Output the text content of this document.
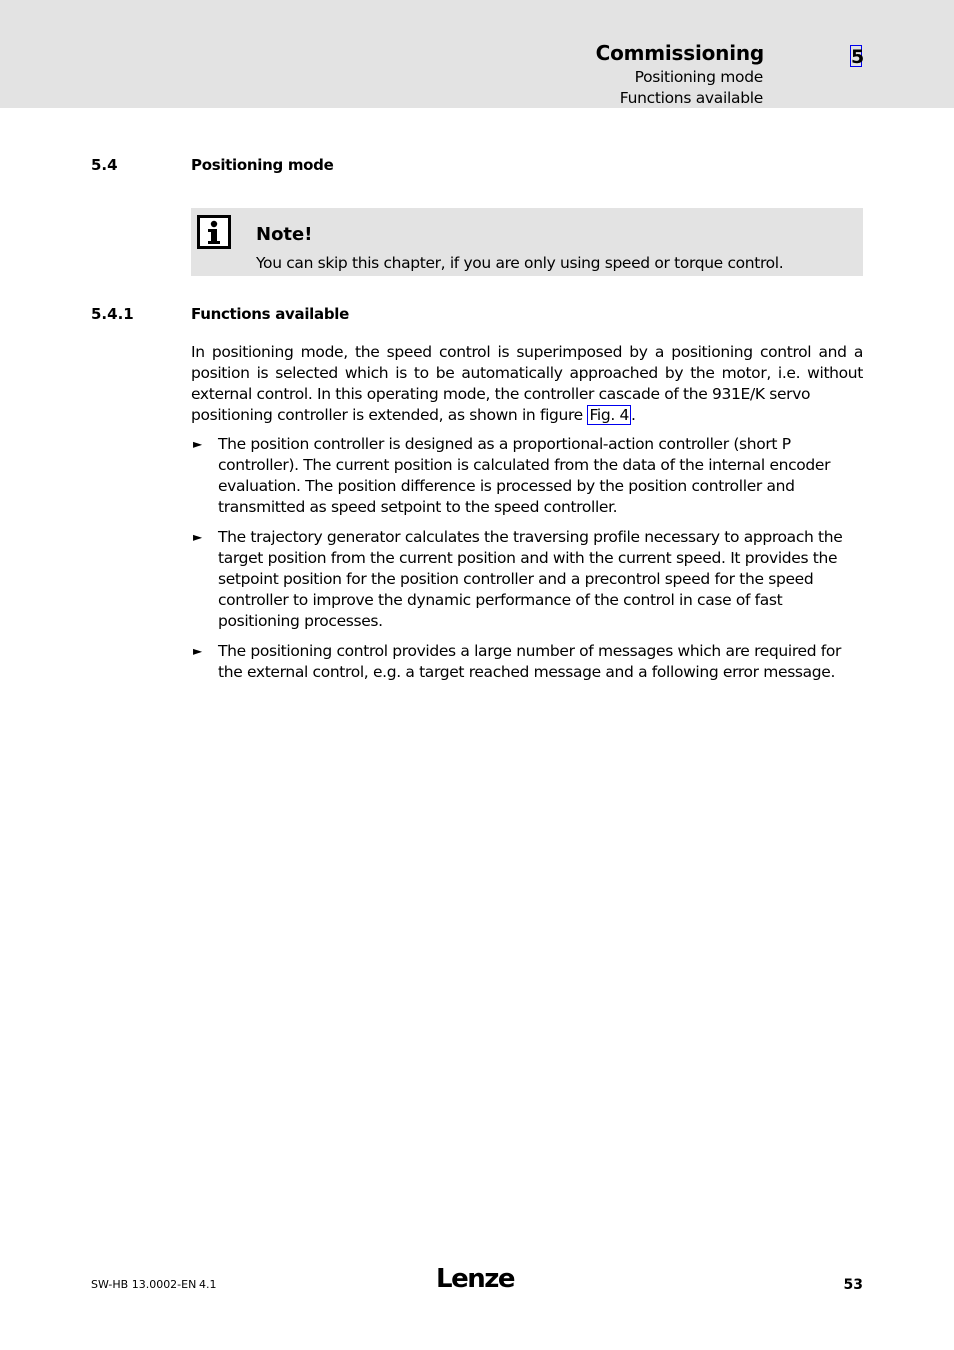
Commissioning
Positioning mode
Functions available
5
5.4	Positioning mode
Note!
You can skip this chapter, if you are only using speed or torque control.
5.4.1	Functions available
In positioning mode, the speed control is superimposed by a positioning control and a position is selected which is to be automatically approached by the motor, i.e. without external control. In this operating mode, the controller cascade of the 931E/K servo
positioning controller is extended, as shown in figure Fig. 4 .
► The position controller is designed as a proportional-action controller (short P controller). The current position is calculated from the data of the internal encoder evaluation. The position difference is processed by the position controller and transmitted as speed setpoint to the speed controller.
► The trajectory generator calculates the traversing profile necessary to approach the target position from the current position and with the current speed. It provides the setpoint position for the position controller and a precontrol speed for the speed controller to improve the dynamic performance of the control in case of fast positioning processes.
► The positioning control provides a large number of messages which are required for the external control, e.g. a target reached message and a following error message.
SW-HB 13.0002-EN 4.1	Lenze	53
